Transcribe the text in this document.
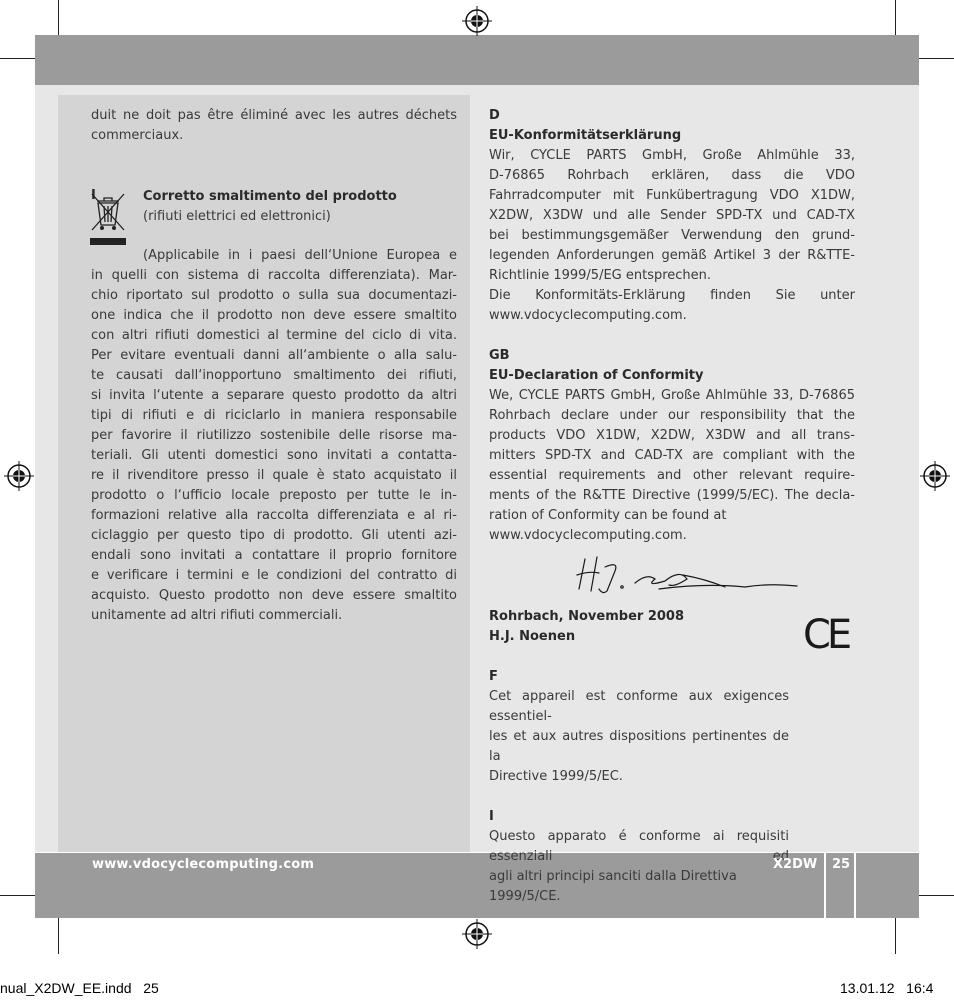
duit ne doit pas être éliminé avec les autres déchets

commerciaux.

I	Corretto smaltimento del prodotto

(rifiuti elettrici ed elettronici)

(Applicabile in i paesi dell‘Unione Europea e

in quelli con sistema di raccolta differenziata). Mar-

chio riportato sul prodotto o sulla sua documentazi-

one indica che il prodotto non deve essere smaltito

con altri rifiuti domestici al termine del ciclo di vita.

Per evitare eventuali danni all‘ambiente o alla salu-

te causati dall‘inopportuno smaltimento dei rifiuti,

si invita l‘utente a separare questo prodotto da altri

tipi di rifiuti e di riciclarlo in maniera responsabile

per favorire il riutilizzo sostenibile delle risorse ma-

teriali. Gli utenti domestici sono invitati a contatta-

re il rivenditore presso il quale è stato acquistato il

prodotto o l‘ufficio locale preposto per tutte le in-

formazioni relative alla raccolta differenziata e al ri-

ciclaggio per questo tipo di prodotto. Gli utenti azi-

endali sono invitati a contattare il proprio fornitore

e verificare i termini e le condizioni del contratto di

acquisto. Questo prodotto non deve essere smaltito

unitamente ad altri rifiuti commerciali.

D

EU-Konformitätserklärung

Wir, CYCLE PARTS GmbH, Große Ahlmühle 33,

D-76865 Rohrbach erklären, dass die VDO

Fahrradcomputer mit Funkübertragung VDO X1DW,

X2DW, X3DW und alle Sender SPD-TX und CAD-TX

bei bestimmungsgemäßer Verwendung den grund-

legenden Anforderungen gemäß Artikel 3 der R&TTE-

Richtlinie 1999/5/EG entsprechen.

Die Konformitäts-Erklärung finden Sie unter

www.vdocyclecomputing.com.

GB

EU-Declaration of Conformity

We, CYCLE PARTS GmbH, Große Ahlmühle 33, D-76865

Rohrbach declare under our responsibility that the

products VDO X1DW, X2DW, X3DW and all trans-

mitters SPD-TX and CAD-TX are compliant with the

essential requirements and other relevant require-

ments of the R&TTE Directive (1999/5/EC). The decla-

ration of Conformity can be found at

www.vdocyclecomputing.com.

Rohrbach, November 2008

H.J. Noenen

F

Cet appareil est conforme aux exigences essentiel-

les et aux autres dispositions pertinentes de la

Directive 1999/5/EC.

I

Questo apparato é conforme ai requisiti essenziali ed

agli altri principi sanciti dalla Direttiva 1999/5/CE.

CE
www.vdocyclecomputing.com	X2DW 25
nual_X2DW_EE.indd   25	13.01.12   16:4
